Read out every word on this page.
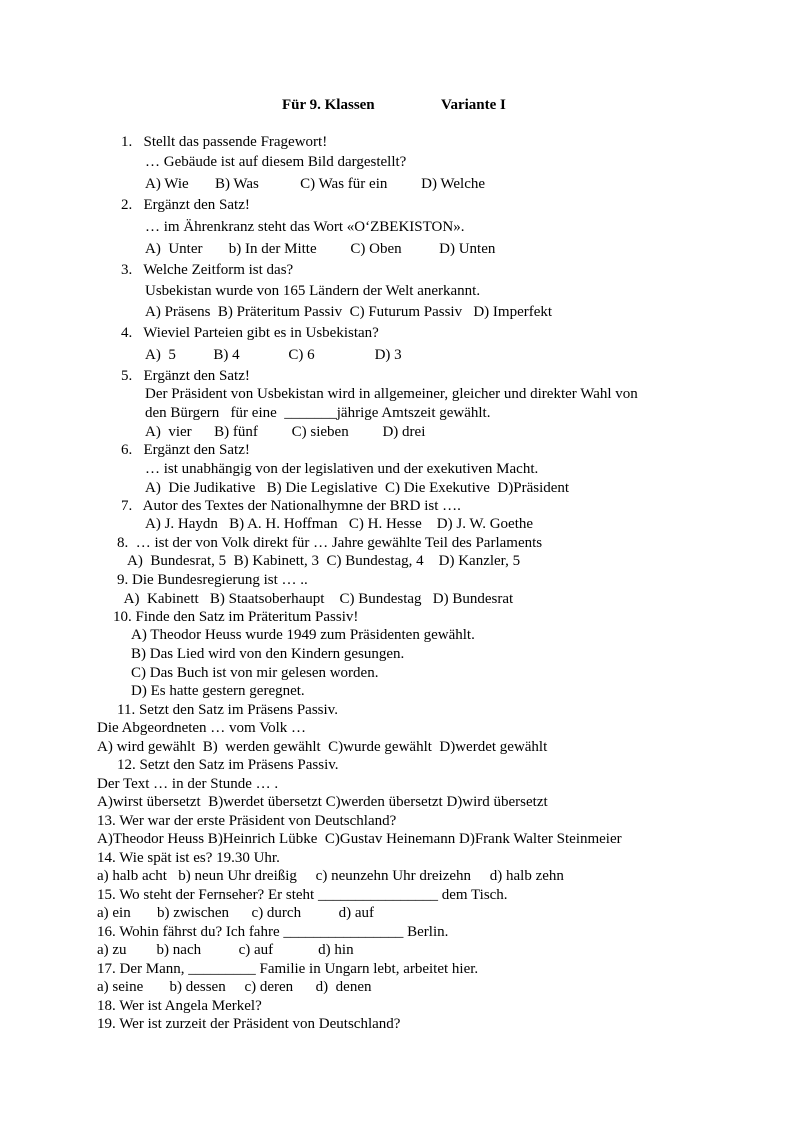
Für 9. Klassen	Variante I
1.   Stellt das passende Fragewort!
… Gebäude ist auf diesem Bild dargestellt?
A) Wie       B) Was           C) Was für ein         D) Welche
2.   Ergänzt den Satz!
… im Ährenkranz steht das Wort «O‘ZBEKISTON».
A)  Unter       b) In der Mitte         C) Oben          D) Unten
3.   Welche Zeitform ist das?
Usbekistan wurde von 165 Ländern der Welt anerkannt.
A) Präsens  B) Präteritum Passiv  C) Futurum Passiv   D) Imperfekt
4.   Wieviel Parteien gibt es in Usbekistan?
A)  5          B) 4             C) 6                D) 3
5.   Ergänzt den Satz!
Der Präsident von Usbekistan wird in allgemeiner, gleicher und direkter Wahl von
den Bürgern   für eine  _______jährige Amtszeit gewählt.
A)  vier      B) fünf         C) sieben         D) drei
6.   Ergänzt den Satz!
… ist unabhängig von der legislativen und der exekutiven Macht.
A)  Die Judikative   B) Die Legislative  C) Die Exekutive  D)Präsident
7.   Autor des Textes der Nationalhymne der BRD ist ….
A) J. Haydn   B) A. H. Hoffman   C) H. Hesse    D) J. W. Goethe
8.  … ist der von Volk direkt für … Jahre gewählte Teil des Parlaments
A)  Bundesrat, 5  B) Kabinett, 3  C) Bundestag, 4    D) Kanzler, 5
9. Die Bundesregierung ist … ..
A)  Kabinett   B) Staatsoberhaupt    C) Bundestag   D) Bundesrat
10. Finde den Satz im Präteritum Passiv!
A) Theodor Heuss wurde 1949 zum Präsidenten gewählt.
B) Das Lied wird von den Kindern gesungen.
C) Das Buch ist von mir gelesen worden.
D) Es hatte gestern geregnet.
11. Setzt den Satz im Präsens Passiv.
Die Abgeordneten … vom Volk …
A) wird gewählt  B)  werden gewählt  C)wurde gewählt  D)werdet gewählt
12. Setzt den Satz im Präsens Passiv.
Der Text … in der Stunde … .
A)wirst übersetzt  B)werdet übersetzt C)werden übersetzt D)wird übersetzt
13. Wer war der erste Präsident von Deutschland?
A)Theodor Heuss B)Heinrich Lübke  C)Gustav Heinemann D)Frank Walter Steinmeier
14. Wie spät ist es? 19.30 Uhr.
a) halb acht   b) neun Uhr dreißig     c) neunzehn Uhr dreizehn     d) halb zehn
15. Wo steht der Fernseher? Er steht ________________ dem Tisch.
a) ein       b) zwischen      c) durch          d) auf
16. Wohin fährst du? Ich fahre ________________ Berlin.
a) zu        b) nach          c) auf            d) hin
17. Der Mann, _________ Familie in Ungarn lebt, arbeitet hier.
a) seine       b) dessen     c) deren      d)  denen
18. Wer ist Angela Merkel?
19. Wer ist zurzeit der Präsident von Deutschland?
